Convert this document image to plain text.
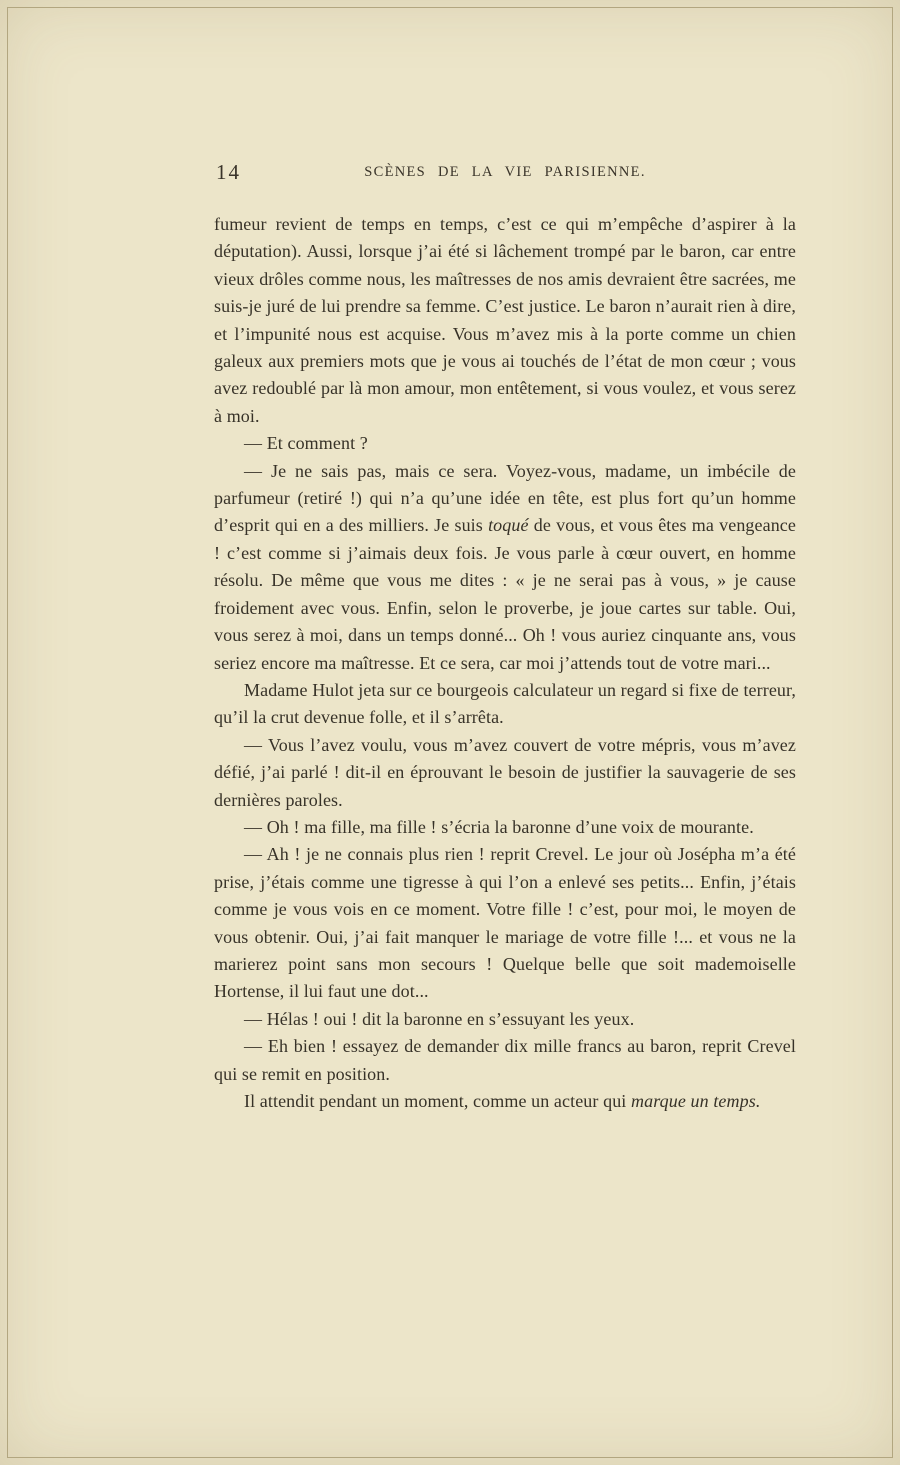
14	SCÈNES DE LA VIE PARISIENNE.

fumeur revient de temps en temps, c’est ce qui m’empêche d’aspirer à la députation). Aussi, lorsque j’ai été si lâchement trompé par le baron, car entre vieux drôles comme nous, les maîtresses de nos amis devraient être sacrées, me suis-je juré de lui prendre sa femme. C’est justice. Le baron n’aurait rien à dire, et l’impunité nous est acquise. Vous m’avez mis à la porte comme un chien galeux aux premiers mots que je vous ai touchés de l’état de mon cœur ; vous avez redoublé par là mon amour, mon entêtement, si vous voulez, et vous serez à moi.

— Et comment ?

— Je ne sais pas, mais ce sera. Voyez-vous, madame, un imbécile de parfumeur (retiré !) qui n’a qu’une idée en tête, est plus fort qu’un homme d’esprit qui en a des milliers. Je suis toqué de vous, et vous êtes ma vengeance ! c’est comme si j’aimais deux fois. Je vous parle à cœur ouvert, en homme résolu. De même que vous me dites : « je ne serai pas à vous, » je cause froidement avec vous. Enfin, selon le proverbe, je joue cartes sur table. Oui, vous serez à moi, dans un temps donné... Oh ! vous auriez cinquante ans, vous seriez encore ma maîtresse. Et ce sera, car moi j’attends tout de votre mari...

Madame Hulot jeta sur ce bourgeois calculateur un regard si fixe de terreur, qu’il la crut devenue folle, et il s’arrêta.

— Vous l’avez voulu, vous m’avez couvert de votre mépris, vous m’avez défié, j’ai parlé ! dit-il en éprouvant le besoin de justifier la sauvagerie de ses dernières paroles.

— Oh ! ma fille, ma fille ! s’écria la baronne d’une voix de mourante.

— Ah ! je ne connais plus rien ! reprit Crevel. Le jour où Josépha m’a été prise, j’étais comme une tigresse à qui l’on a enlevé ses petits... Enfin, j’étais comme je vous vois en ce moment. Votre fille ! c’est, pour moi, le moyen de vous obtenir. Oui, j’ai fait manquer le mariage de votre fille !... et vous ne la marierez point sans mon secours ! Quelque belle que soit mademoiselle Hortense, il lui faut une dot...

— Hélas ! oui ! dit la baronne en s’essuyant les yeux.

— Eh bien ! essayez de demander dix mille francs au baron, reprit Crevel qui se remit en position.

Il attendit pendant un moment, comme un acteur qui marque un temps.
